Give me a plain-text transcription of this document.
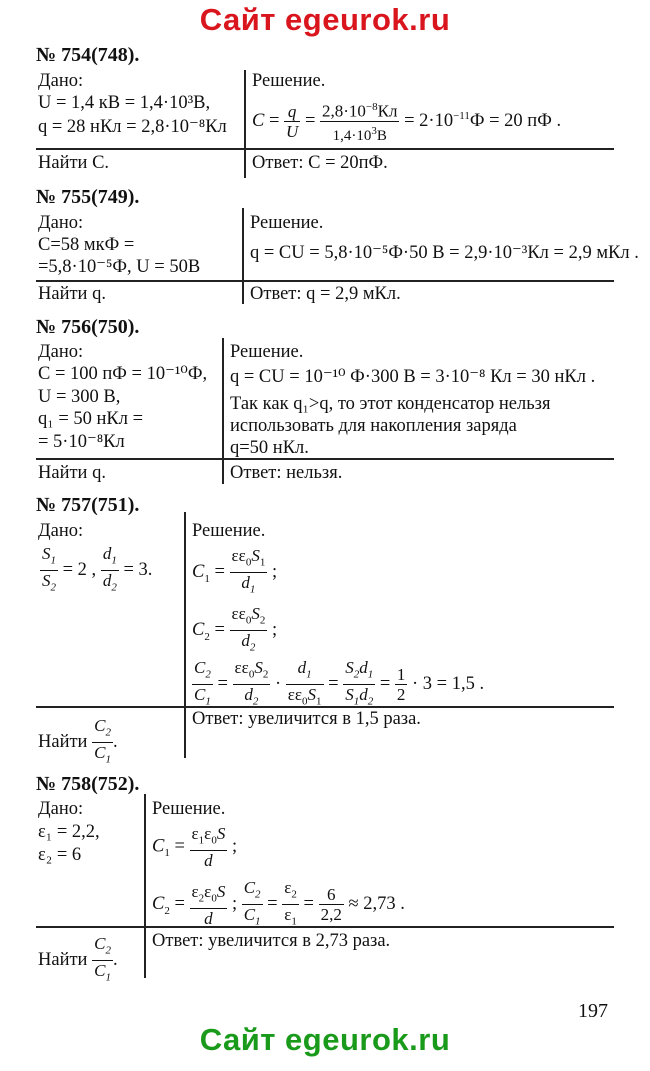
Сайт egeurok.ru
№ 754(748).
Дано:
U = 1,4 кВ = 1,4·10³В,
q = 28 нКл = 2,8·10⁻⁸Кл
Найти C.
Решение.
$C = \frac{q}{U} = \frac{2,8\cdot 10^{-8}Кл}{1,4\cdot 10^3В} = 2\cdot 10^{-11}Ф = 20$ пФ .
Ответ: C = 20пФ.
№ 755(749).
Дано:
C=58 мкФ =
=5,8·10⁻⁵Ф, U = 50В
Найти q.
Решение.
q = CU = 5,8·10⁻⁵Ф·50 В = 2,9·10⁻³Кл = 2,9 мКл .
Ответ: q = 2,9 мКл.
№ 756(750).
Дано:
C = 100 пФ = 10⁻¹⁰Ф,
U = 300 В,
q₁ = 50 нКл =
= 5·10⁻⁸Кл
Найти q.
Решение.
q = CU = 10⁻¹⁰ Ф·300 В = 3·10⁻⁸ Кл = 30 нКл .
Так как q₁>q, то этот конденсатор нельзя
использовать для накопления заряда
q=50 нКл.
Ответ: нельзя.
№ 757(751).
Дано:
$\frac{S_1}{S_2} = 2$ , $\frac{d_1}{d_2} = 3$.
Найти $\frac{C_2}{C_1}$ .
Решение.
$C_1 = \frac{\varepsilon\varepsilon_0S_1}{d_1}$ ;
$C_2 = \frac{\varepsilon\varepsilon_0S_2}{d_2}$ ;
$\frac{C_2}{C_1} = \frac{\varepsilon\varepsilon_0S_2}{d_2} \cdot \frac{d_1}{\varepsilon\varepsilon_0S_1} = \frac{S_2d_1}{S_1d_2} = \frac{1}{2} \cdot 3 = 1,5$ .
Ответ: увеличится в 1,5 раза.
№ 758(752).
Дано:
ε₁ = 2,2,
ε₂ = 6
Найти $\frac{C_2}{C_1}$ .
Решение.
$C_1 = \frac{\varepsilon_1\varepsilon_0S}{d}$ ;
$C_2 = \frac{\varepsilon_2\varepsilon_0S}{d}$ ; $\frac{C_2}{C_1} = \frac{\varepsilon_2}{\varepsilon_1} = \frac{6}{2,2} \approx 2,73$ .
Ответ: увеличится в 2,73 раза.
197
Сайт egeurok.ru
